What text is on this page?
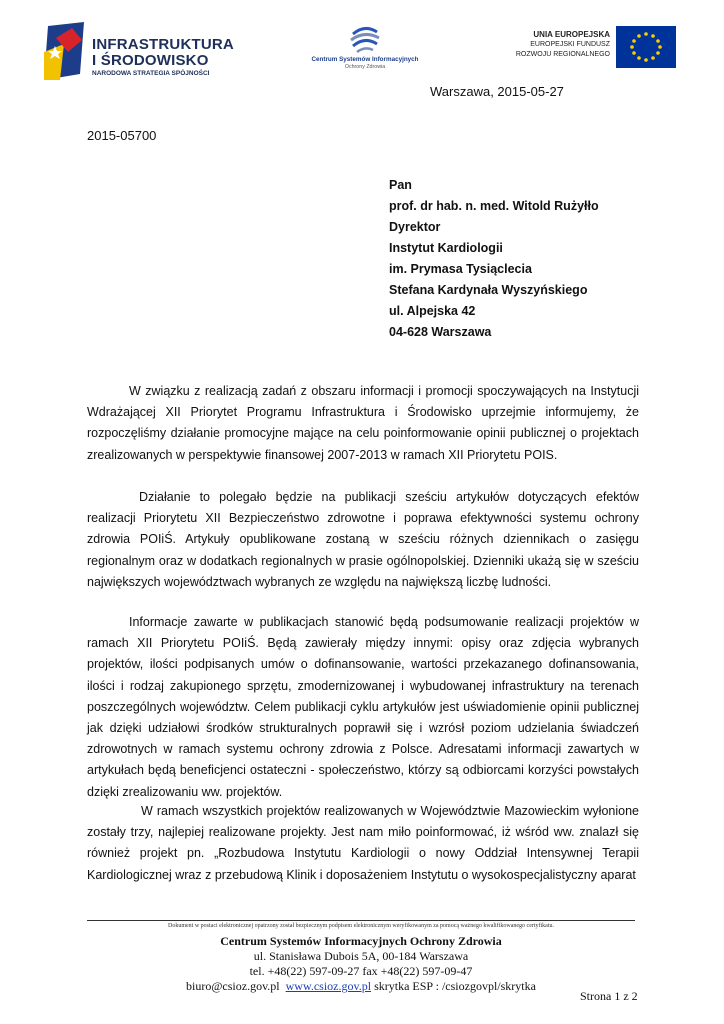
INFRASTRUKTURA
I ŚRODOWISKO
NARODOWA STRATEGIA SPÓJNOŚCI
Centrum Systemów Informacyjnych
Ochrony Zdrowia
UNIA EUROPEJSKA
EUROPEJSKI FUNDUSZ
ROZWOJU REGIONALNEGO
Warszawa, 2015-05-27
2015-05700
Pan
prof. dr hab. n. med. Witold Rużyłło
Dyrektor
Instytut Kardiologii
im. Prymasa Tysiąclecia
Stefana Kardynała Wyszyńskiego
ul. Alpejska 42
04-628 Warszawa
W związku z realizacją zadań z obszaru informacji i promocji spoczywających na Instytucji Wdrażającej XII Priorytet Programu Infrastruktura i Środowisko uprzejmie informujemy, że rozpoczęliśmy działanie promocyjne mające na celu poinformowanie opinii publicznej o projektach zrealizowanych w perspektywie finansowej 2007-2013 w ramach XII Priorytetu POIS.
Działanie to polegało będzie na publikacji sześciu artykułów dotyczących efektów realizacji Priorytetu XII Bezpieczeństwo zdrowotne i poprawa efektywności systemu ochrony zdrowia POIiŚ. Artykuły opublikowane zostaną w sześciu różnych dziennikach o zasięgu regionalnym oraz w dodatkach regionalnych w prasie ogólnopolskiej. Dzienniki ukażą się w sześciu największych województwach wybranych ze względu na największą liczbę ludności.
Informacje zawarte w publikacjach stanowić będą podsumowanie realizacji projektów w ramach XII Priorytetu POIiŚ. Będą zawierały między innymi: opisy oraz zdjęcia wybranych projektów, ilości podpisanych umów o dofinansowanie, wartości przekazanego dofinansowania, ilości i rodzaj zakupionego sprzętu, zmodernizowanej i wybudowanej infrastruktury na terenach poszczególnych województw. Celem publikacji cyklu artykułów jest uświadomienie opinii publicznej jak dzięki udziałowi środków strukturalnych poprawił się i wzrósł poziom udzielania świadczeń zdrowotnych w ramach systemu ochrony zdrowia z Polsce. Adresatami informacji zawartych w artykułach będą beneficjenci ostateczni - społeczeństwo, którzy są odbiorcami korzyści powstałych dzięki zrealizowaniu ww. projektów.
W ramach wszystkich projektów realizowanych w Województwie Mazowieckim wyłonione zostały trzy, najlepiej realizowane projekty. Jest nam miło poinformować, iż wśród ww. znalazł się również projekt pn. „Rozbudowa Instytutu Kardiologii o nowy Oddział Intensywnej Terapii Kardiologicznej wraz z przebudową Klinik i doposażeniem Instytutu o wysokospecjalistyczny aparat
Dokument w postaci elektronicznej opatrzony został bezpiecznym podpisem elektronicznym weryfikowanym za pomocą ważnego kwalifikowanego certyfikatu.
Centrum Systemów Informacyjnych Ochrony Zdrowia
ul. Stanisława Dubois 5A, 00-184 Warszawa
tel. +48(22) 597-09-27 fax +48(22) 597-09-47
biuro@csioz.gov.pl www.csioz.gov.pl skrytka ESP : /csiozgovpl/skrytka
Strona 1 z 2
